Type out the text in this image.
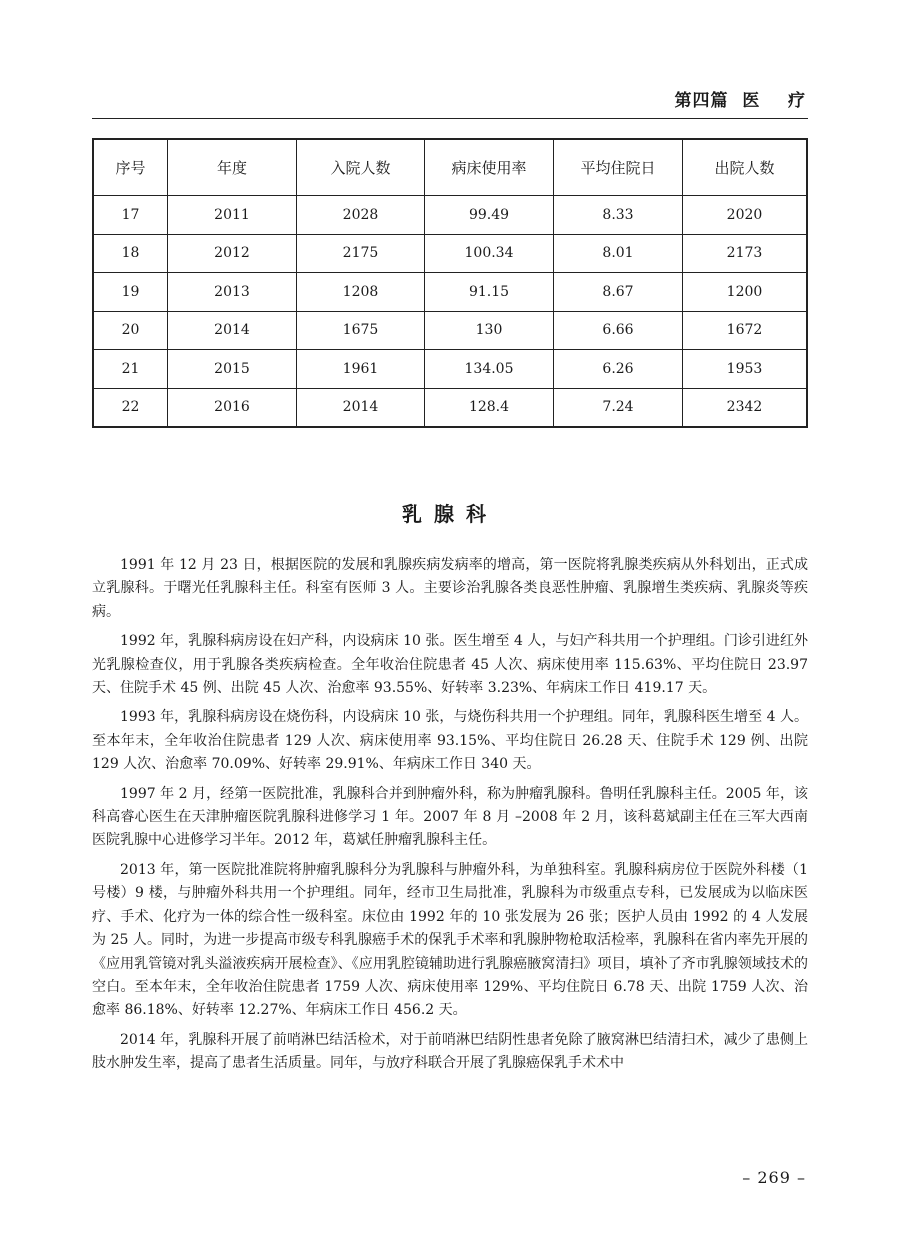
第四篇  医    疗
序号	年度	入院人数	病床使用率	平均住院日	出院人数
17	2011	2028	99.49	8.33	2020
18	2012	2175	100.34	8.01	2173
19	2013	1208	91.15	8.67	1200
20	2014	1675	130	6.66	1672
21	2015	1961	134.05	6.26	1953
22	2016	2014	128.4	7.24	2342
乳腺科

1991 年 12 月 23 日，根据医院的发展和乳腺疾病发病率的增高，第一医院将乳腺类疾病从外科划出，正式成立乳腺科。于曙光任乳腺科主任。科室有医师 3 人。主要诊治乳腺各类良恶性肿瘤、乳腺增生类疾病、乳腺炎等疾病。

1992 年，乳腺科病房设在妇产科，内设病床 10 张。医生增至 4 人，与妇产科共用一个护理组。门诊引进红外光乳腺检查仪，用于乳腺各类疾病检查。全年收治住院患者 45 人次、病床使用率 115.63%、平均住院日 23.97 天、住院手术 45 例、出院 45 人次、治愈率 93.55%、好转率 3.23%、年病床工作日 419.17 天。

1993 年，乳腺科病房设在烧伤科，内设病床 10 张，与烧伤科共用一个护理组。同年，乳腺科医生增至 4 人。至本年末，全年收治住院患者 129 人次、病床使用率 93.15%、平均住院日 26.28 天、住院手术 129 例、出院 129 人次、治愈率 70.09%、好转率 29.91%、年病床工作日 340 天。

1997 年 2 月，经第一医院批准，乳腺科合并到肿瘤外科，称为肿瘤乳腺科。鲁明任乳腺科主任。2005 年，该科高睿心医生在天津肿瘤医院乳腺科进修学习 1 年。2007 年 8 月 –2008 年 2 月，该科葛斌副主任在三军大西南医院乳腺中心进修学习半年。2012 年，葛斌任肿瘤乳腺科主任。

2013 年，第一医院批准院将肿瘤乳腺科分为乳腺科与肿瘤外科，为单独科室。乳腺科病房位于医院外科楼（1 号楼）9 楼，与肿瘤外科共用一个护理组。同年，经市卫生局批准，乳腺科为市级重点专科，已发展成为以临床医疗、手术、化疗为一体的综合性一级科室。床位由 1992 年的 10 张发展为 26 张；医护人员由 1992 的 4 人发展为 25 人。同时，为进一步提高市级专科乳腺癌手术的保乳手术率和乳腺肿物枪取活检率，乳腺科在省内率先开展的《应用乳管镜对乳头溢液疾病开展检查》、《应用乳腔镜辅助进行乳腺癌腋窝清扫》项目，填补了齐市乳腺领域技术的空白。至本年末，全年收治住院患者 1759 人次、病床使用率 129%、平均住院日 6.78 天、出院 1759 人次、治愈率 86.18%、好转率 12.27%、年病床工作日 456.2 天。

2014 年，乳腺科开展了前哨淋巴结活检术，对于前哨淋巴结阴性患者免除了腋窝淋巴结清扫术，减少了患侧上肢水肿发生率，提高了患者生活质量。同年，与放疗科联合开展了乳腺癌保乳手术术中

– 269 –
